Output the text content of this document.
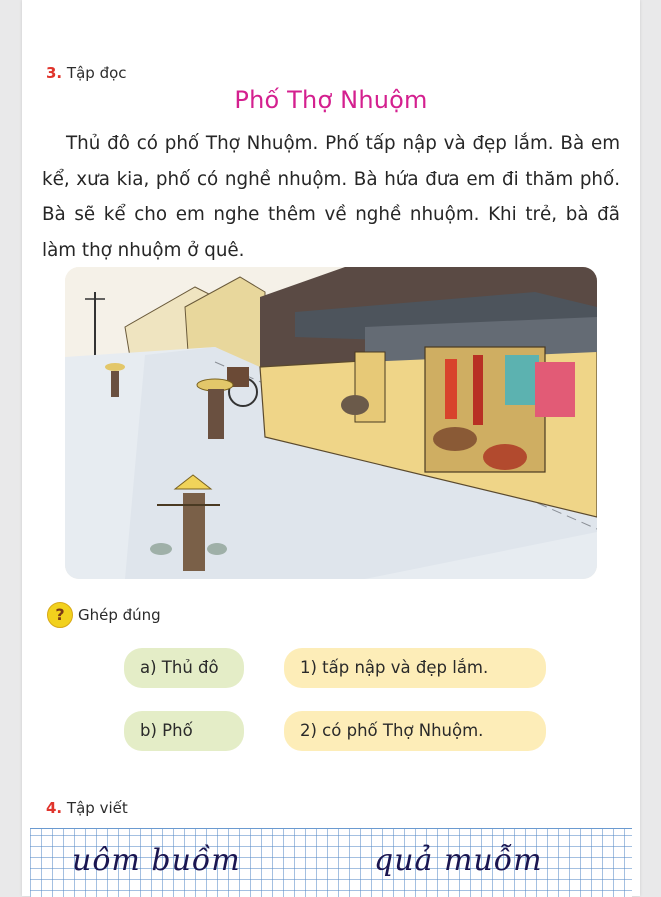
3. Tập đọc
Phố Thợ Nhuộm
Thủ đô có phố Thợ Nhuộm. Phố tấp nập và đẹp lắm. Bà em kể, xưa kia, phố có nghề nhuộm. Bà hứa đưa em đi thăm phố. Bà sẽ kể cho em nghe thêm về nghề nhuộm. Khi trẻ, bà đã làm thợ nhuộm ở quê.
? Ghép đúng
a) Thủ đô
b) Phố
1) tấp nập và đẹp lắm.
2) có phố Thợ Nhuộm.
4. Tập viết
uôm buồm	quả muỗm
